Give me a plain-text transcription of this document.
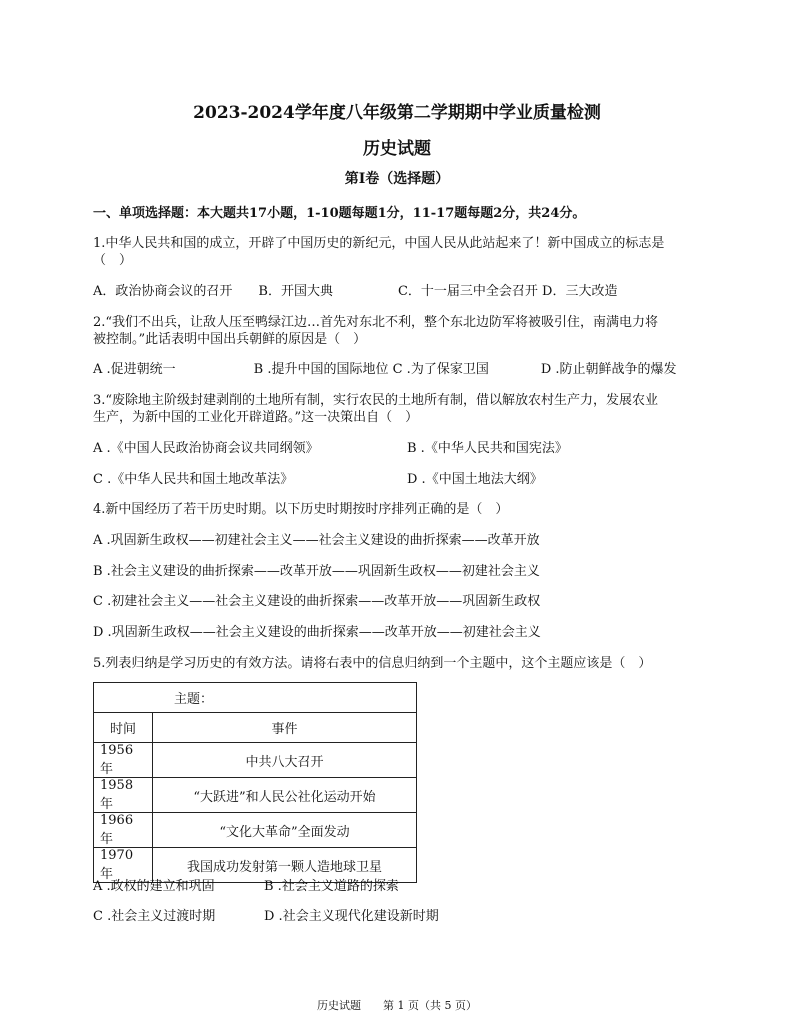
2023-2024学年度八年级第二学期期中学业质量检测
历史试题
第Ⅰ卷（选择题）
一、单项选择题：本大题共17小题，1-10题每题1分，11-17题每题2分，共24分。
1.中华人民共和国的成立，开辟了中国历史的新纪元，中国人民从此站起来了！新中国成立的标志是
（　）
A．政治协商会议的召开　　B．开国大典　　　　　C．十一届三中全会召开 D．三大改造
2.“我们不出兵，让敌人压至鸭绿江边…首先对东北不利，整个东北边防军将被吸引住，南满电力将
被控制。”此话表明中国出兵朝鲜的原因是（　）
A .促进朝统一　　　　　　B .提升中国的国际地位 C .为了保家卫国　　　　D .防止朝鲜战争的爆发
3.“废除地主阶级封建剥削的土地所有制，实行农民的土地所有制，借以解放农村生产力，发展农业
生产，为新中国的工业化开辟道路。”这一决策出自（　）
A .《中国人民政治协商会议共同纲领》	B .《中华人民共和国宪法》
C .《中华人民共和国土地改革法》	D .《中国土地法大纲》
4.新中国经历了若干历史时期。以下历史时期按时序排列正确的是（　）
A .巩固新生政权——初建社会主义——社会主义建设的曲折探索——改革开放
B .社会主义建设的曲折探索——改革开放——巩固新生政权——初建社会主义
C .初建社会主义——社会主义建设的曲折探索——改革开放——巩固新生政权
D .巩固新生政权——社会主义建设的曲折探索——改革开放——初建社会主义
5.列表归纳是学习历史的有效方法。请将右表中的信息归纳到一个主题中，这个主题应该是（　）
主题：	
时间	事件
1956年	中共八大召开
1958年	“大跃进”和人民公社化运动开始
1966年	“文化大革命”全面发动
1970年	我国成功发射第一颗人造地球卫星
A .政权的建立和巩固	B .社会主义道路的探索
C .社会主义过渡时期	D .社会主义现代化建设新时期
历史试题　　第 1 页（共 5 页）
